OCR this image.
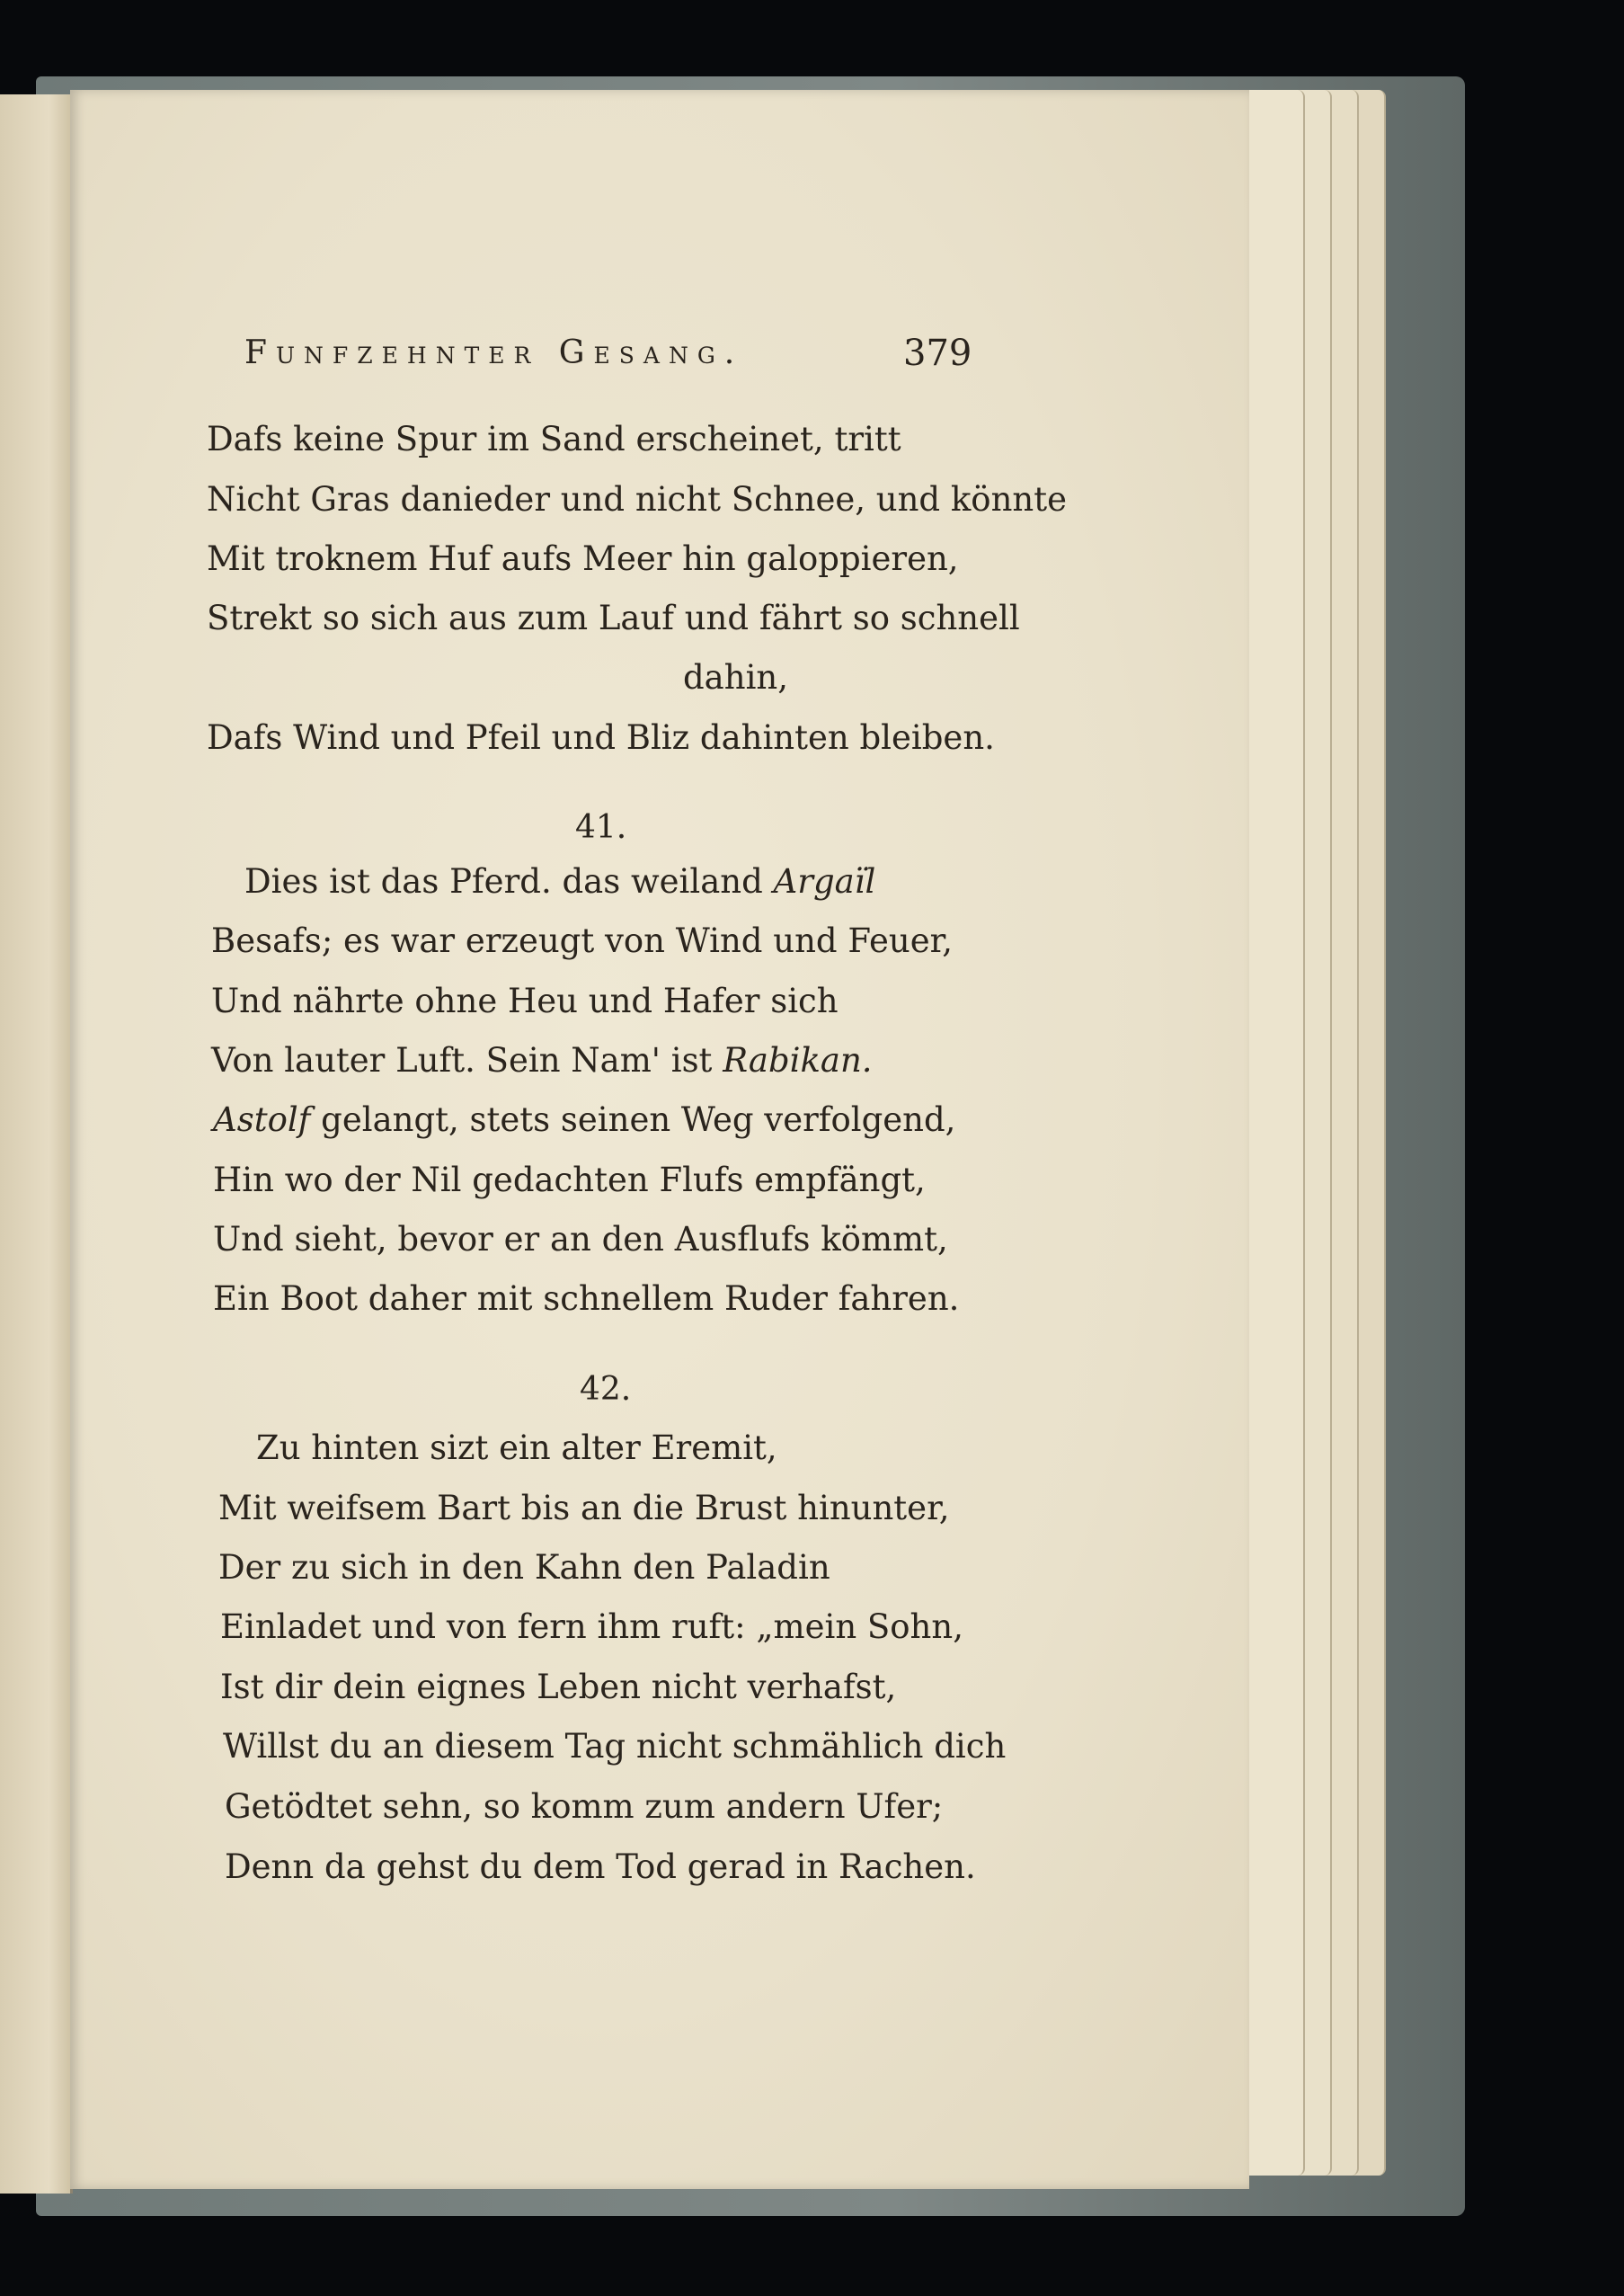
Funfzehnter Gesang.	379
Dafs keine Spur im Sand erscheinet, tritt
Nicht Gras danieder und nicht Schnee, und könnte
Mit troknem Huf aufs Meer hin galoppieren,
Strekt so sich aus zum Lauf und fährt so schnell
dahin,
Dafs Wind und Pfeil und Bliz dahinten bleiben.
41.
Dies ist das Pferd. das weiland Argaïl
Besafs; es war erzeugt von Wind und Feuer,
Und nährte ohne Heu und Hafer sich
Von lauter Luft. Sein Nam' ist Rabikan.
Astolf gelangt, stets seinen Weg verfolgend,
Hin wo der Nil gedachten Flufs empfängt,
Und sieht, bevor er an den Ausflufs kömmt,
Ein Boot daher mit schnellem Ruder fahren.
42.
Zu hinten sizt ein alter Eremit,
Mit weifsem Bart bis an die Brust hinunter,
Der zu sich in den Kahn den Paladin
Einladet und von fern ihm ruft: „mein Sohn,
Ist dir dein eignes Leben nicht verhafst,
Willst du an diesem Tag nicht schmählich dich
Getödtet sehn, so komm zum andern Ufer;
Denn da gehst du dem Tod gerad in Rachen.
